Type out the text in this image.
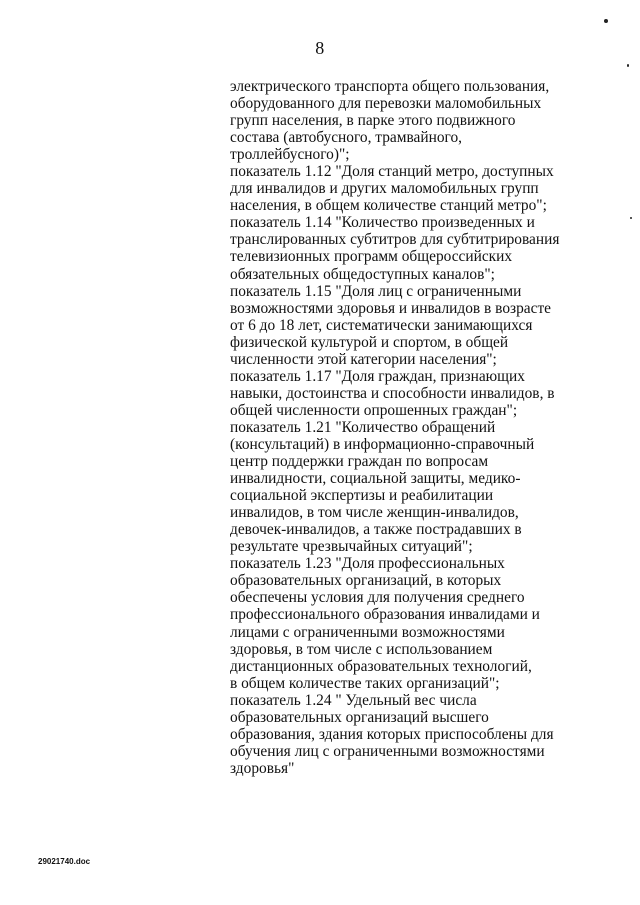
8
электрического транспорта общего пользования,
оборудованного для перевозки маломобильных
групп населения, в парке этого подвижного
состава (автобусного, трамвайного,
троллейбусного)";
показатель 1.12 "Доля станций метро, доступных
для инвалидов и других маломобильных групп
населения, в общем количестве станций метро";
показатель 1.14 "Количество произведенных и
транслированных субтитров для субтитрирования
телевизионных программ общероссийских
обязательных общедоступных каналов";
показатель 1.15 "Доля лиц с ограниченными
возможностями здоровья и инвалидов в возрасте
от 6 до 18 лет, систематически занимающихся
физической культурой и спортом, в общей
численности этой категории населения";
показатель 1.17 "Доля граждан, признающих
навыки, достоинства и способности инвалидов, в
общей численности опрошенных граждан";
показатель 1.21 "Количество обращений
(консультаций) в информационно-справочный
центр поддержки граждан по вопросам
инвалидности, социальной защиты, медико-
социальной экспертизы и реабилитации
инвалидов, в том числе женщин-инвалидов,
девочек-инвалидов, а также пострадавших в
результате чрезвычайных ситуаций";
показатель 1.23 "Доля профессиональных
образовательных организаций, в которых
обеспечены условия для получения среднего
профессионального образования инвалидами и
лицами с ограниченными возможностями
здоровья, в том числе с использованием
дистанционных образовательных технологий,
в общем количестве таких организаций";
показатель 1.24 " Удельный вес числа
образовательных организаций высшего
образования, здания которых приспособлены для
обучения лиц с ограниченными возможностями
здоровья"
29021740.doc
